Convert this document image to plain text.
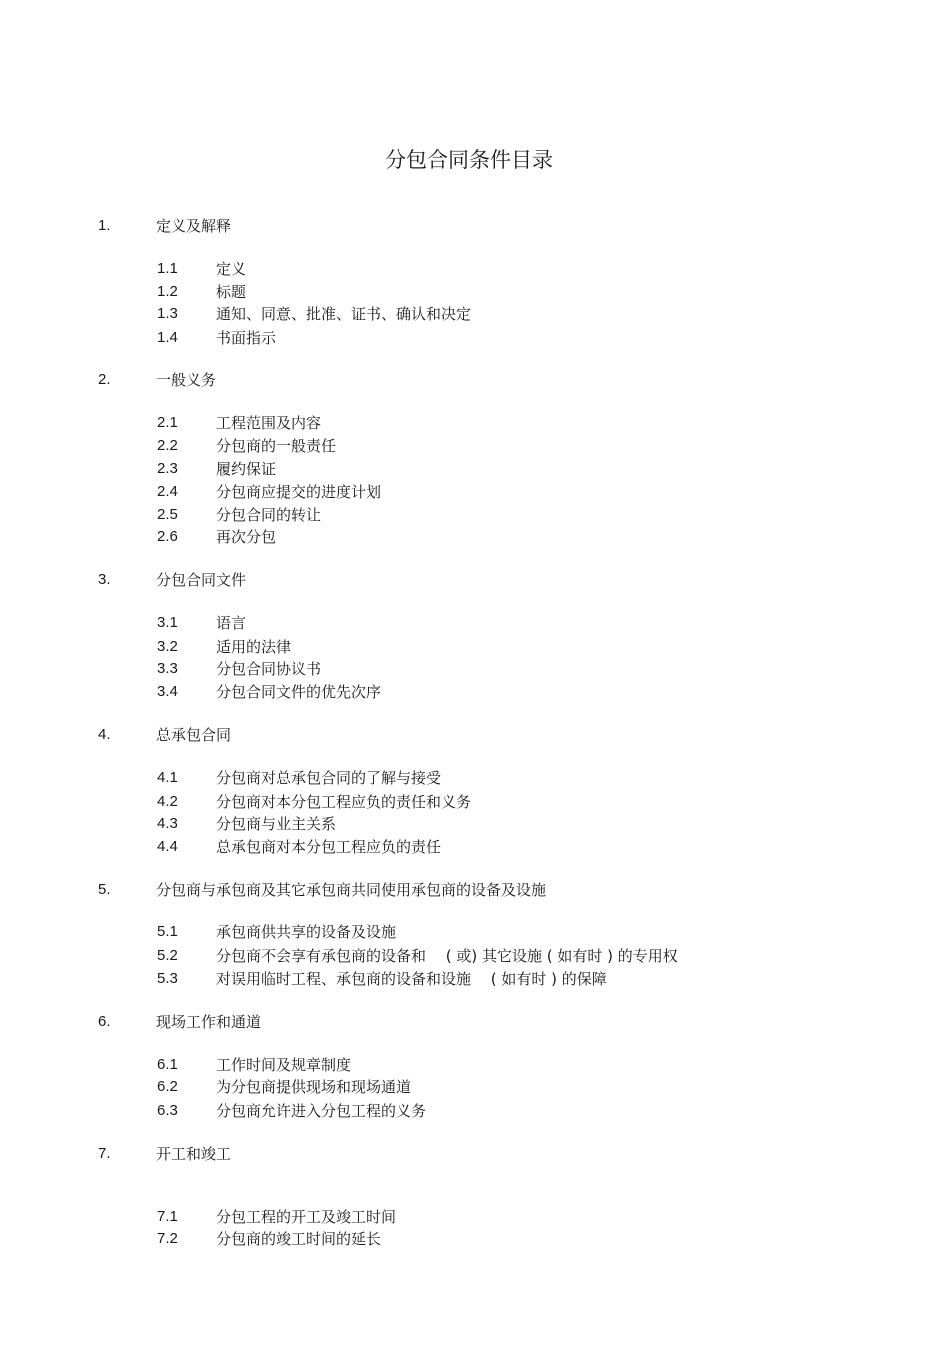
分包合同条件目录
1.	定义及解释
1.1	定义
1.2	标题
1.3	通知、同意、批准、证书、确认和决定
1.4	书面指示
2.	一般义务
2.1	工程范围及内容
2.2	分包商的一般责任
2.3	履约保证
2.4	分包商应提交的进度计划
2.5	分包合同的转让
2.6	再次分包
3.	分包合同文件
3.1	语言
3.2	适用的法律
3.3	分包合同协议书
3.4	分包合同文件的优先次序
4.	总承包合同
4.1	分包商对总承包合同的了解与接受
4.2	分包商对本分包工程应负的责任和义务
4.3	分包商与业主关系
4.4	总承包商对本分包工程应负的责任
5.	分包商与承包商及其它承包商共同使用承包商的设备及设施
5.1	承包商供共享的设备及设施
5.2	分包商不会享有承包商的设备和　 ( 或) 其它设施 ( 如有时 ) 的专用权
5.3	对误用临时工程、承包商的设备和设施　 ( 如有时 ) 的保障
6.	现场工作和通道
6.1	工作时间及规章制度
6.2	为分包商提供现场和现场通道
6.3	分包商允许进入分包工程的义务
7.	开工和竣工
7.1	分包工程的开工及竣工时间
7.2	分包商的竣工时间的延长
